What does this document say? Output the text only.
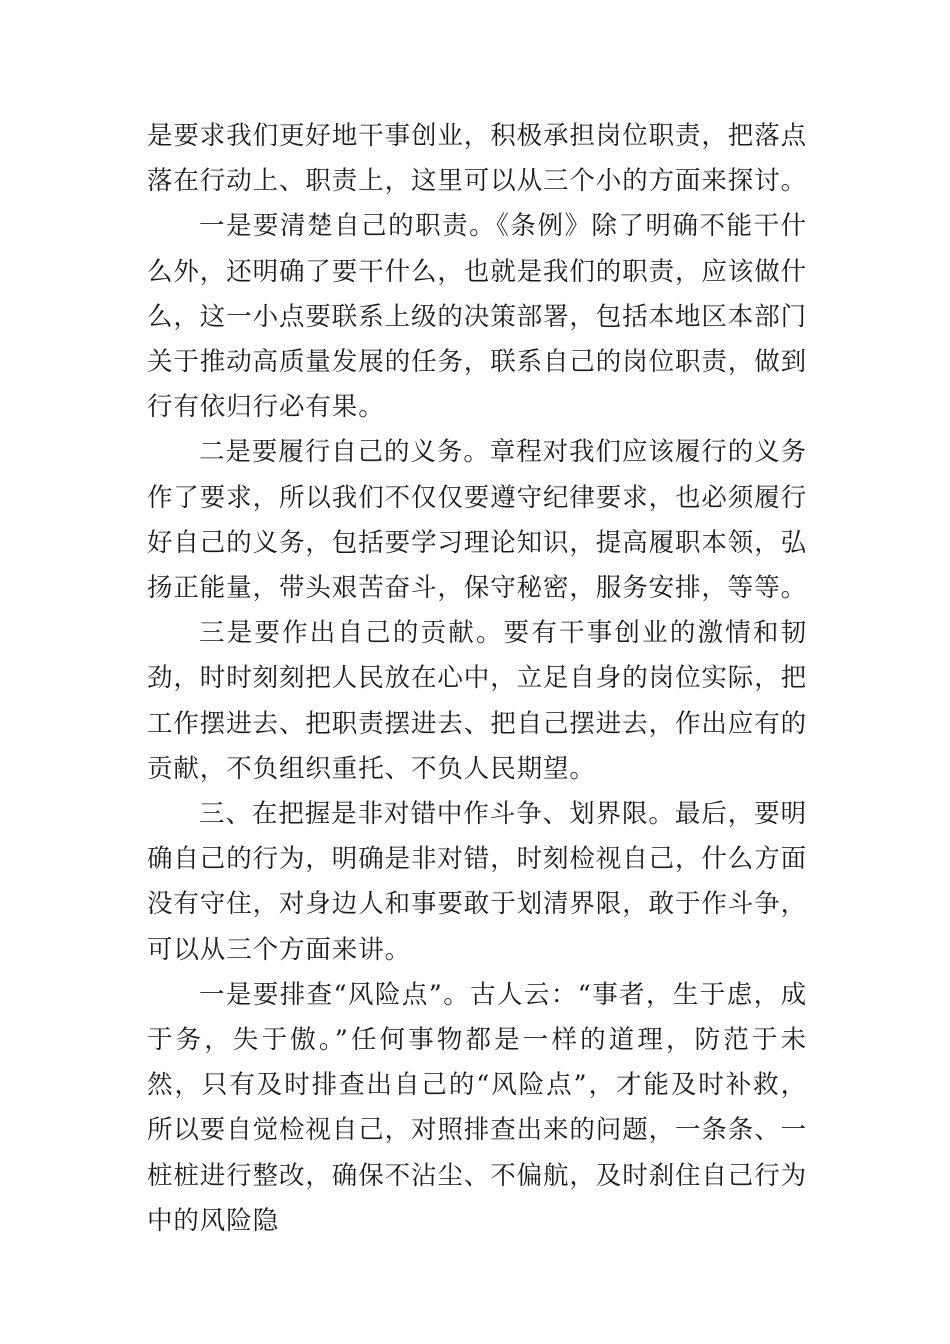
是要求我们更好地干事创业，积极承担岗位职责，把落点落在行动上、职责上，这里可以从三个小的方面来探讨。

一是要清楚自己的职责。《条例》除了明确不能干什么外，还明确了要干什么，也就是我们的职责，应该做什么，这一小点要联系上级的决策部署，包括本地区本部门关于推动高质量发展的任务，联系自己的岗位职责，做到行有依归行必有果。

二是要履行自己的义务。章程对我们应该履行的义务作了要求，所以我们不仅仅要遵守纪律要求，也必须履行好自己的义务，包括要学习理论知识，提高履职本领，弘扬正能量，带头艰苦奋斗，保守秘密，服务安排，等等。

三是要作出自己的贡献。要有干事创业的激情和韧劲，时时刻刻把人民放在心中，立足自身的岗位实际，把工作摆进去、把职责摆进去、把自己摆进去，作出应有的贡献，不负组织重托、不负人民期望。

三、在把握是非对错中作斗争、划界限。最后，要明确自己的行为，明确是非对错，时刻检视自己，什么方面没有守住，对身边人和事要敢于划清界限，敢于作斗争，可以从三个方面来讲。

一是要排查“风险点”。古人云：“事者，生于虑，成于务，失于傲。”任何事物都是一样的道理，防范于未然，只有及时排查出自己的“风险点”，才能及时补救，所以要自觉检视自己，对照排查出来的问题，一条条、一桩桩进行整改，确保不沾尘、不偏航，及时刹住自己行为中的风险隐
